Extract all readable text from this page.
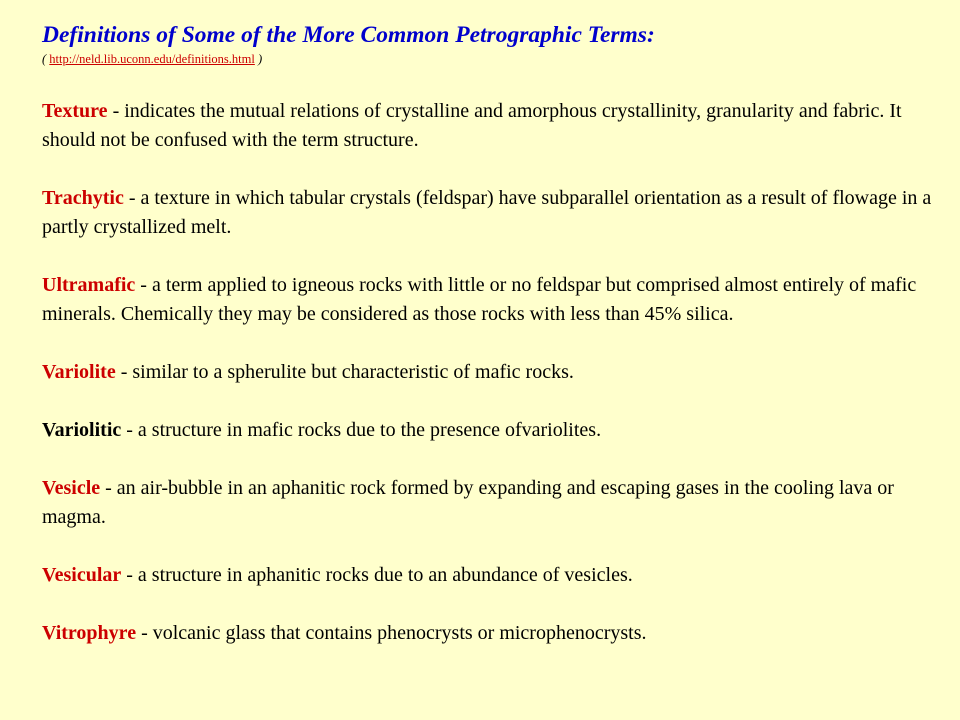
Definitions of Some of the More Common Petrographic Terms:

( http://neld.lib.uconn.edu/definitions.html )

Texture - indicates the mutual relations of crystalline and amorphous crystallinity, granularity and fabric. It should not be confused with the term structure.

Trachytic - a texture in which tabular crystals (feldspar) have subparallel orientation as a result of flowage in a partly crystallized melt.

Ultramafic - a term applied to igneous rocks with little or no feldspar but comprised almost entirely of mafic minerals. Chemically they may be considered as those rocks with less than 45% silica.

Variolite - similar to a spherulite but characteristic of mafic rocks.

Variolitic - a structure in mafic rocks due to the presence ofvariolites.

Vesicle - an air-bubble in an aphanitic rock formed by expanding and escaping gases in the cooling lava or magma.

Vesicular - a structure in aphanitic rocks due to an abundance of vesicles.

Vitrophyre - volcanic glass that contains phenocrysts or microphenocrysts.
